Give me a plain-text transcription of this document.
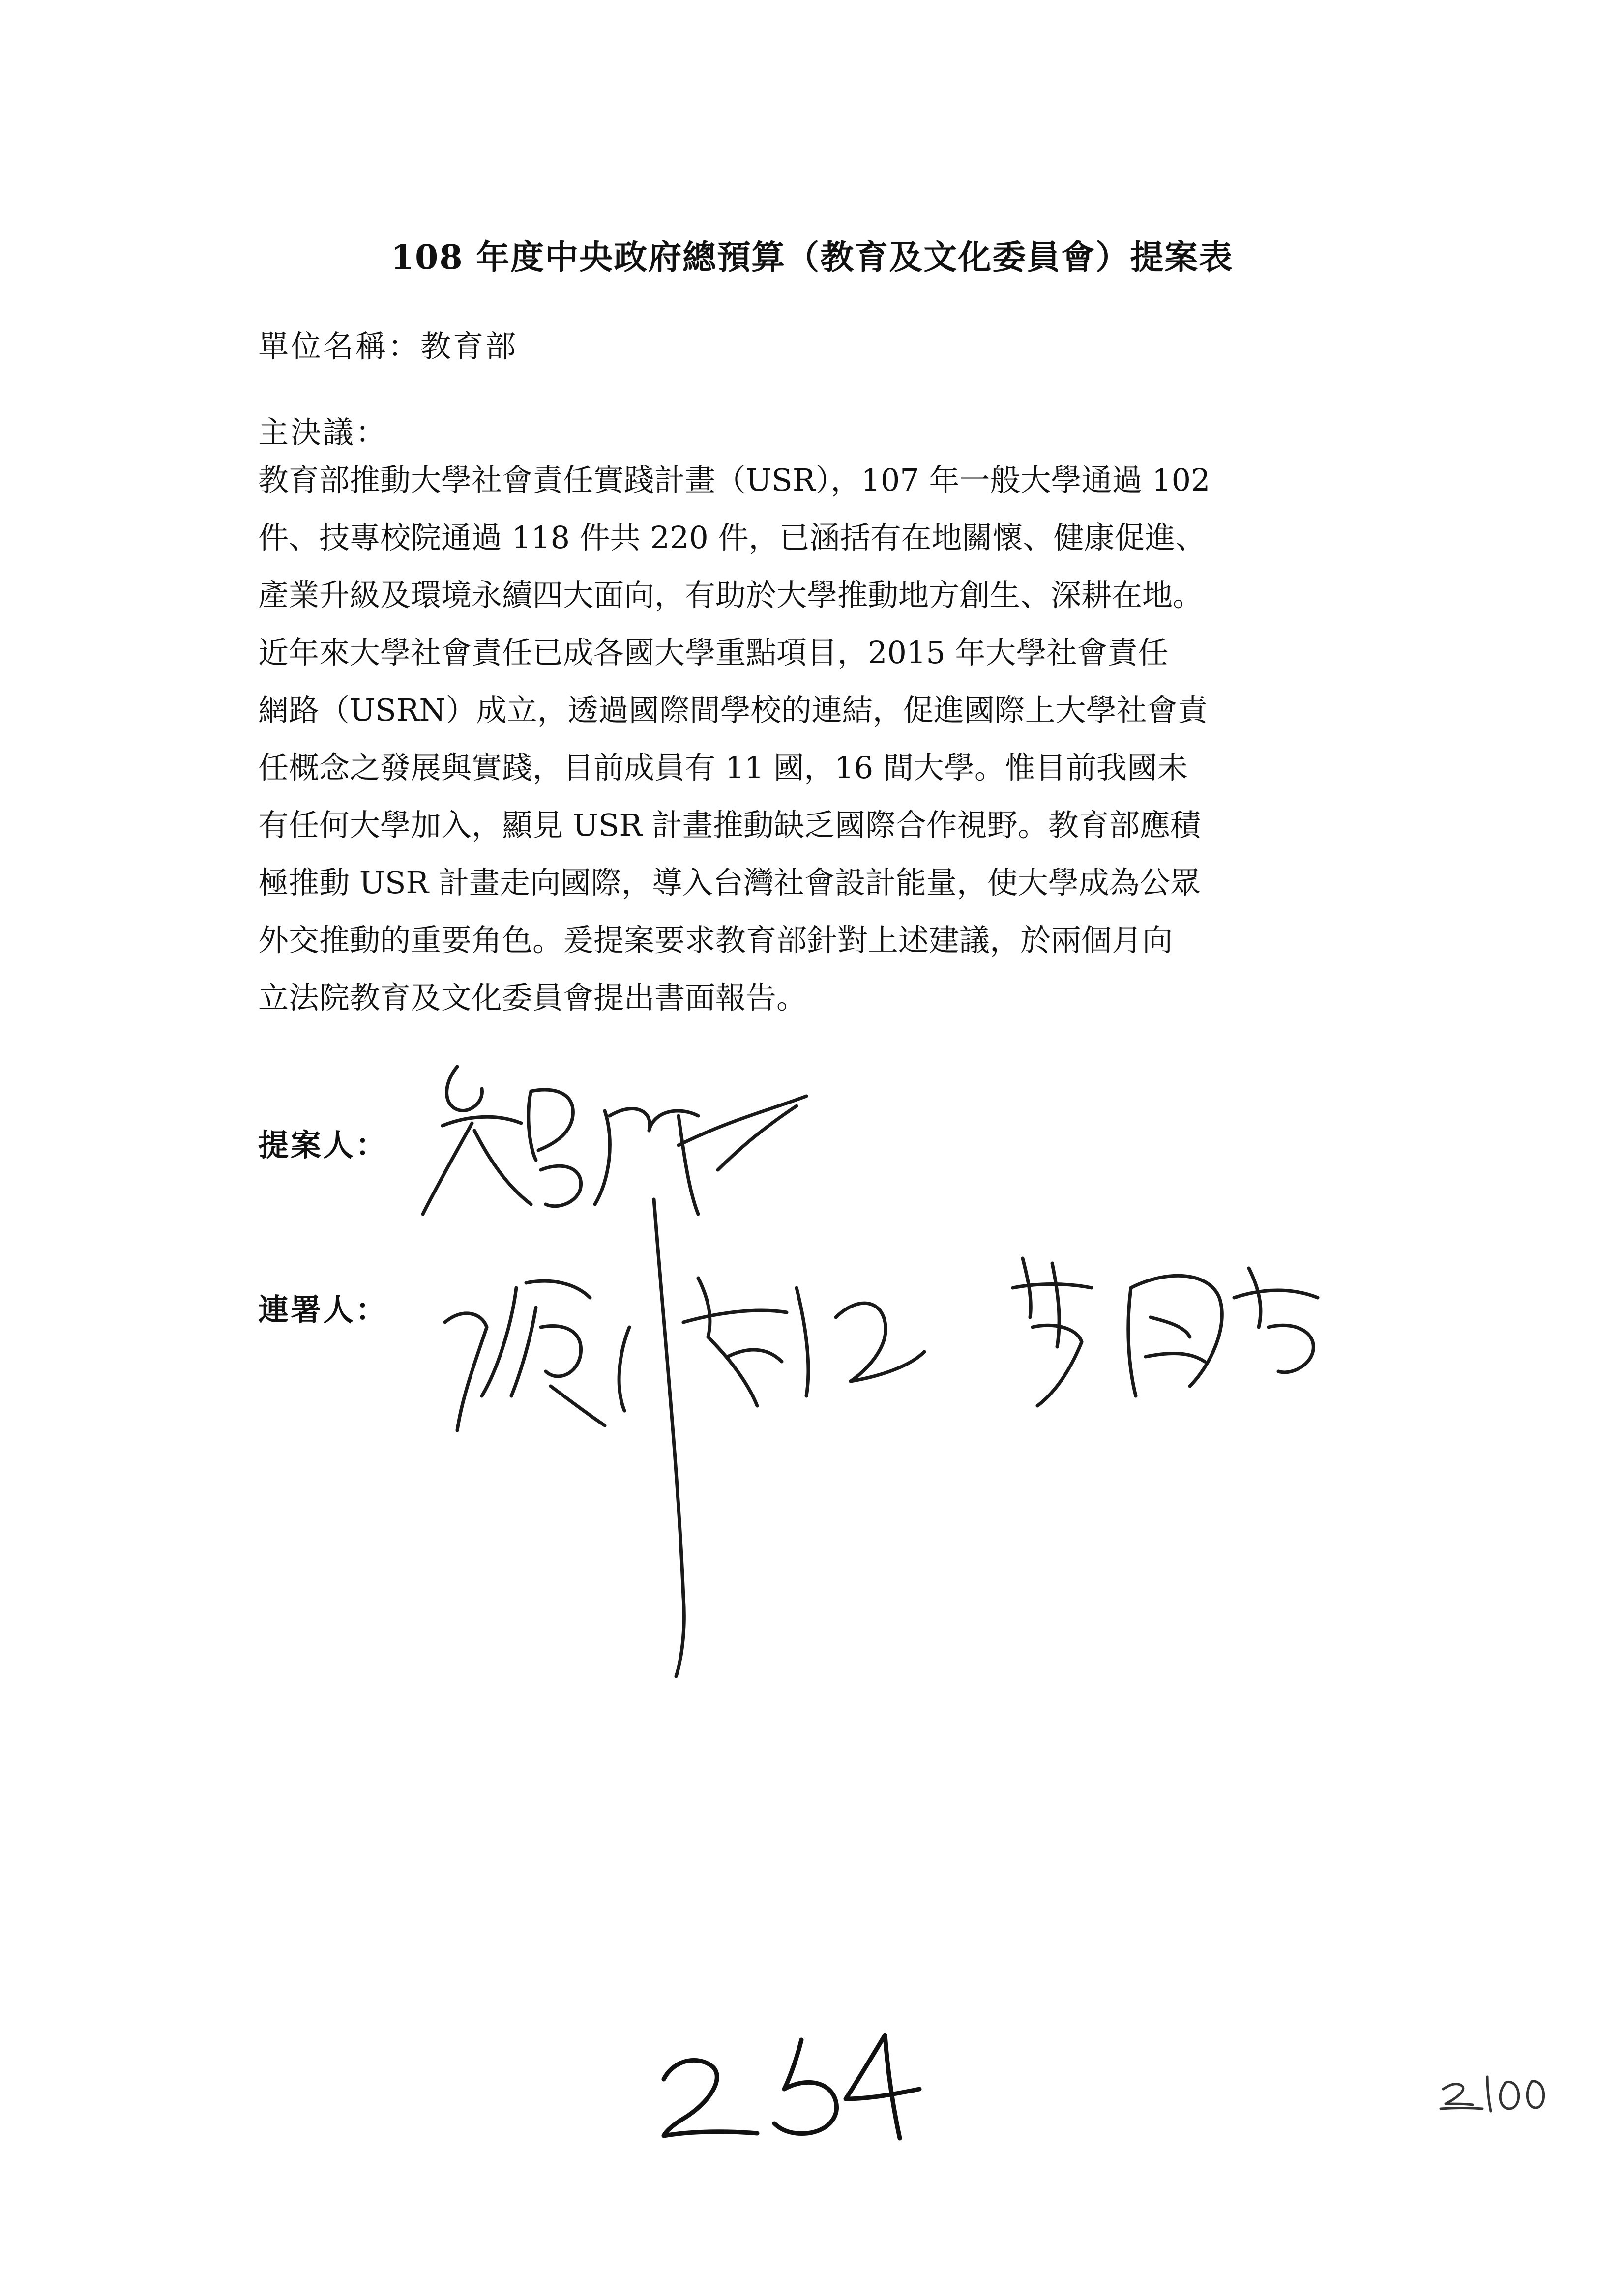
108 年度中央政府總預算（教育及文化委員會）提案表
單位名稱：教育部
主決議：
教育部推動大學社會責任實踐計畫（USR），107 年一般大學通過 102
件、技專校院通過 118 件共 220 件，已涵括有在地關懷、健康促進、
產業升級及環境永續四大面向，有助於大學推動地方創生、深耕在地。
近年來大學社會責任已成各國大學重點項目，2015 年大學社會責任
網路（USRN）成立，透過國際間學校的連結，促進國際上大學社會責
任概念之發展與實踐，目前成員有 11 國，16 間大學。惟目前我國未
有任何大學加入，顯見 USR 計畫推動缺乏國際合作視野。教育部應積
極推動 USR 計畫走向國際，導入台灣社會設計能量，使大學成為公眾
外交推動的重要角色。爰提案要求教育部針對上述建議，於兩個月向
立法院教育及文化委員會提出書面報告。
提案人：
連署人：
